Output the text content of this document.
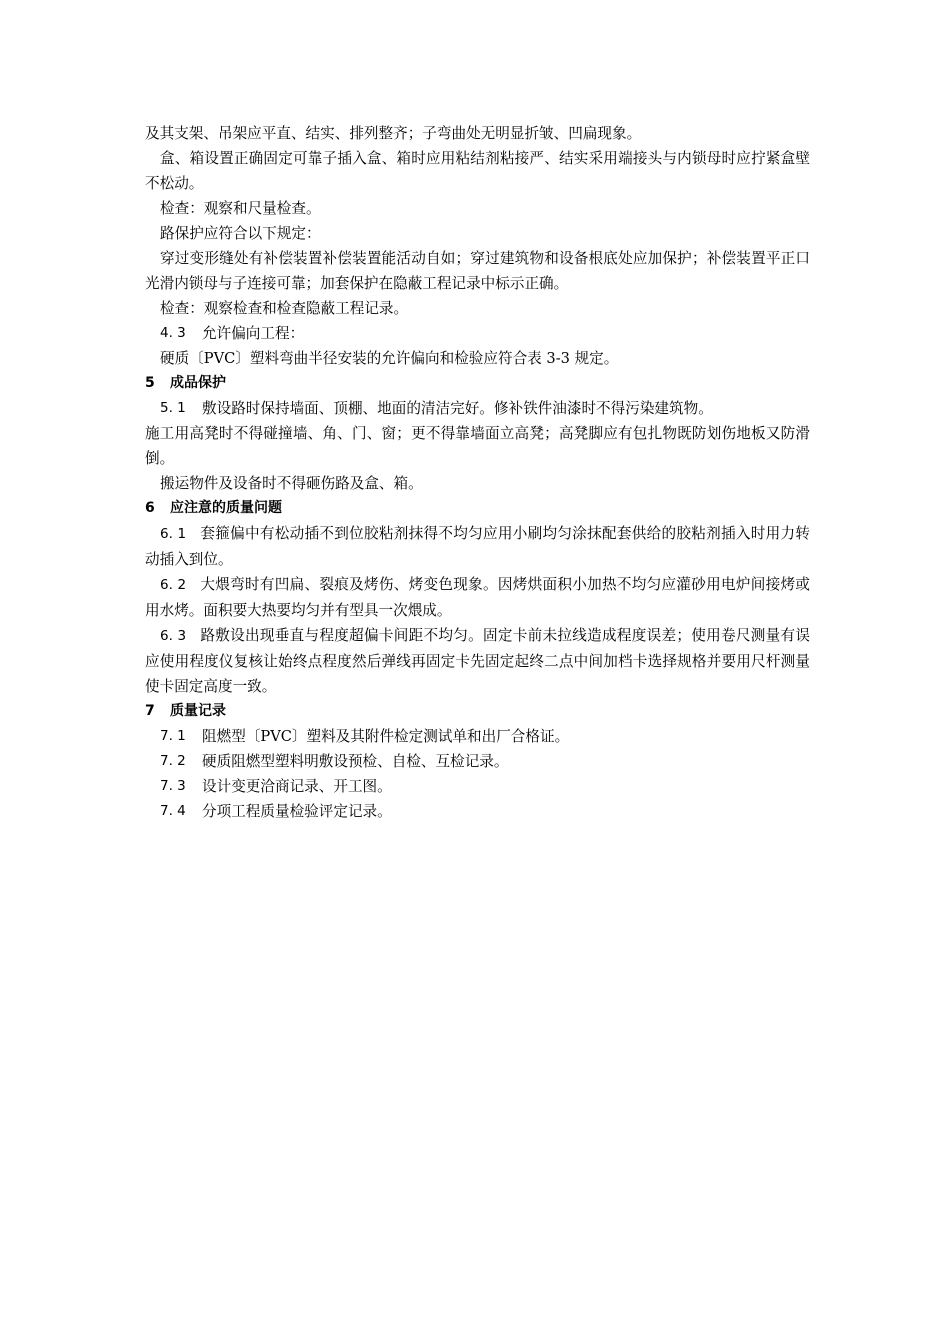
及其支架、吊架应平直、结实、排列整齐；子弯曲处无明显折皱、凹扁现象。

盒、箱设置正确固定可靠子插入盒、箱时应用粘结剂粘接严、结实采用端接头与内锁母时应拧紧盒壁不松动。

检查：观察和尺量检查。

路保护应符合以下规定：

穿过变形缝处有补偿装置补偿装置能活动自如；穿过建筑物和设备根底处应加保护；补偿装置平正口光滑内锁母与子连接可靠；加套保护在隐蔽工程记录中标示正确。

检查：观察检查和检查隐蔽工程记录。

4. 3	允许偏向工程：

硬质〔PVC〕塑料弯曲半径安装的允许偏向和检验应符合表 3-3 规定。

5 成品保护
5. 1	敷设路时保持墙面、顶棚、地面的清洁完好。修补铁件油漆时不得污染建筑物。

施工用高凳时不得碰撞墙、角、门、窗；更不得靠墙面立高凳；高凳脚应有包扎物既防划伤地板又防滑倒。

搬运物件及设备时不得砸伤路及盒、箱。

6 应注意的质量问题

6. 1 套箍偏中有松动插不到位胶粘剂抹得不均匀应用小刷均匀涂抹配套供给的胶粘剂插入时用力转动插入到位。

6. 2 大煨弯时有凹扁、裂痕及烤伤、烤变色现象。因烤烘面积小加热不均匀应灌砂用电炉间接烤或用水烤。面积要大热要均匀并有型具一次煨成。

6. 3 路敷设出现垂直与程度超偏卡间距不均匀。固定卡前未拉线造成程度误差；使用卷尺测量有误应使用程度仪复核让始终点程度然后弹线再固定卡先固定起终二点中间加档卡选择规格并要用尺杆测量使卡固定高度一致。

7 质量记录
7. 1	阻燃型〔PVC〕塑料及其附件检定测试单和出厂合格证。
7. 2	硬质阻燃型塑料明敷设预检、自检、互检记录。
7. 3	设计变更洽商记录、开工图。
7. 4	分项工程质量检验评定记录。
